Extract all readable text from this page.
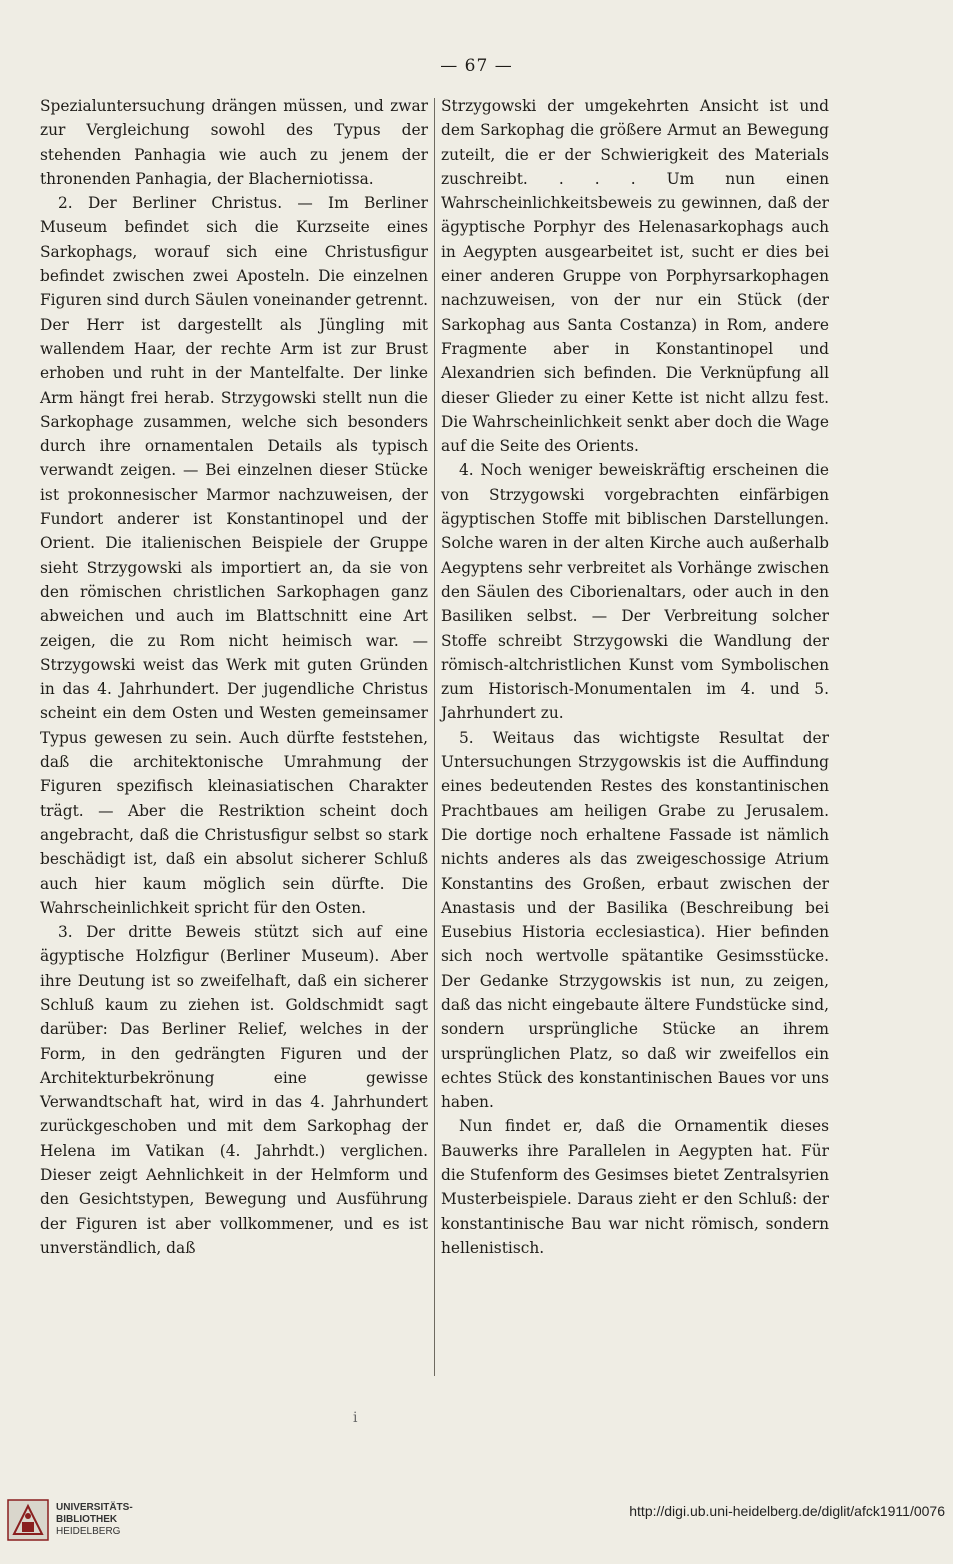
— 67 —

Spezialuntersuchung drängen müssen, und zwar zur Vergleichung sowohl des Typus der stehenden Panhagia wie auch zu jenem der thronenden Panhagia, der Blacherniotissa.

2. Der Berliner Christus. — Im Berliner Museum befindet sich die Kurzseite eines Sarkophags, worauf sich eine Christusfigur befindet zwischen zwei Aposteln. Die einzelnen Figuren sind durch Säulen voneinander getrennt. Der Herr ist dargestellt als Jüngling mit wallendem Haar, der rechte Arm ist zur Brust erhoben und ruht in der Mantelfalte. Der linke Arm hängt frei herab. Strzygowski stellt nun die Sarkophage zusammen, welche sich besonders durch ihre ornamentalen Details als typisch verwandt zeigen. — Bei einzelnen dieser Stücke ist prokonnesischer Marmor nachzuweisen, der Fundort anderer ist Konstantinopel und der Orient. Die italienischen Beispiele der Gruppe sieht Strzygowski als importiert an, da sie von den römischen christlichen Sarkophagen ganz abweichen und auch im Blattschnitt eine Art zeigen, die zu Rom nicht heimisch war. — Strzygowski weist das Werk mit guten Gründen in das 4. Jahrhundert. Der jugendliche Christus scheint ein dem Osten und Westen gemeinsamer Typus gewesen zu sein. Auch dürfte feststehen, daß die architektonische Umrahmung der Figuren spezifisch kleinasiatischen Charakter trägt. — Aber die Restriktion scheint doch angebracht, daß die Christusfigur selbst so stark beschädigt ist, daß ein absolut sicherer Schluß auch hier kaum möglich sein dürfte. Die Wahrscheinlichkeit spricht für den Osten.

3. Der dritte Beweis stützt sich auf eine ägyptische Holzfigur (Berliner Museum). Aber ihre Deutung ist so zweifelhaft, daß ein sicherer Schluß kaum zu ziehen ist. Goldschmidt sagt darüber: Das Berliner Relief, welches in der Form, in den gedrängten Figuren und der Architekturbekrönung eine gewisse Verwandtschaft hat, wird in das 4. Jahrhundert zurückgeschoben und mit dem Sarkophag der Helena im Vatikan (4. Jahrhdt.) verglichen. Dieser zeigt Aehnlichkeit in der Helmform und den Gesichtstypen, Bewegung und Ausführung der Figuren ist aber vollkommener, und es ist unverständlich, daß

Strzygowski der umgekehrten Ansicht ist und dem Sarkophag die größere Armut an Bewegung zuteilt, die er der Schwierigkeit des Materials zuschreibt. . . . Um nun einen Wahrscheinlichkeitsbeweis zu gewinnen, daß der ägyptische Porphyr des Helenasarkophags auch in Aegypten ausgearbeitet ist, sucht er dies bei einer anderen Gruppe von Porphyrsarkophagen nachzuweisen, von der nur ein Stück (der Sarkophag aus Santa Costanza) in Rom, andere Fragmente aber in Konstantinopel und Alexandrien sich befinden. Die Verknüpfung all dieser Glieder zu einer Kette ist nicht allzu fest. Die Wahrscheinlichkeit senkt aber doch die Wage auf die Seite des Orients.

4. Noch weniger beweiskräftig erscheinen die von Strzygowski vorgebrachten einfärbigen ägyptischen Stoffe mit biblischen Darstellungen. Solche waren in der alten Kirche auch außerhalb Aegyptens sehr verbreitet als Vorhänge zwischen den Säulen des Ciborienaltars, oder auch in den Basiliken selbst. — Der Verbreitung solcher Stoffe schreibt Strzygowski die Wandlung der römisch-altchristlichen Kunst vom Symbolischen zum Historisch-Monumentalen im 4. und 5. Jahrhundert zu.

5. Weitaus das wichtigste Resultat der Untersuchungen Strzygowskis ist die Auffindung eines bedeutenden Restes des konstantinischen Prachtbaues am heiligen Grabe zu Jerusalem. Die dortige noch erhaltene Fassade ist nämlich nichts anderes als das zweigeschossige Atrium Konstantins des Großen, erbaut zwischen der Anastasis und der Basilika (Beschreibung bei Eusebius Historia ecclesiastica). Hier befinden sich noch wertvolle spätantike Gesimsstücke. Der Gedanke Strzygowskis ist nun, zu zeigen, daß das nicht eingebaute ältere Fundstücke sind, sondern ursprüngliche Stücke an ihrem ursprünglichen Platz, so daß wir zweifellos ein echtes Stück des konstantinischen Baues vor uns haben.

Nun findet er, daß die Ornamentik dieses Bauwerks ihre Parallelen in Aegypten hat. Für die Stufenform des Gesimses bietet Zentralsyrien Musterbeispiele. Daraus zieht er den Schluß: der konstantinische Bau war nicht römisch, sondern hellenistisch.

i
UNIVERSITÄTS-
BIBLIOTHEK
HEIDELBERG
http://digi.ub.uni-heidelberg.de/diglit/afck1911/0076
